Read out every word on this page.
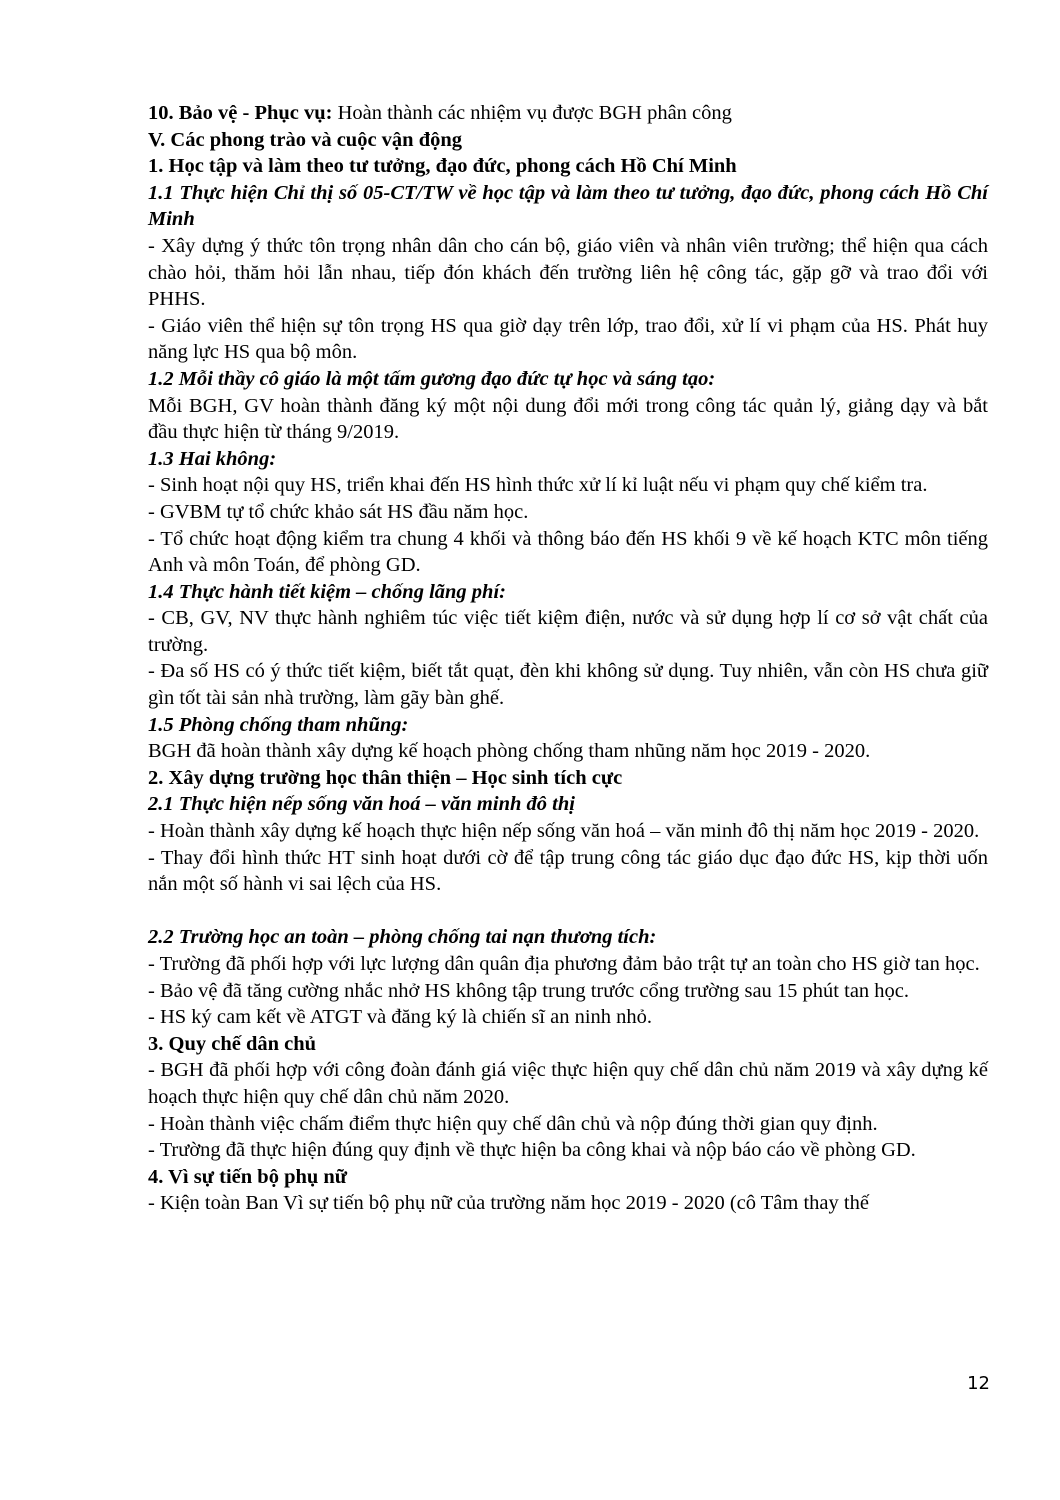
10. Bảo vệ - Phục vụ: Hoàn thành các nhiệm vụ được BGH phân công

V. Các phong trào và cuộc vận động

1. Học tập và làm theo tư tưởng, đạo đức, phong cách Hồ Chí Minh

1.1 Thực hiện Chỉ thị số 05-CT/TW về học tập và làm theo tư tưởng, đạo đức, phong cách Hồ Chí Minh

- Xây dựng ý thức tôn trọng nhân dân cho cán bộ, giáo viên và nhân viên trường; thể hiện qua cách chào hỏi, thăm hỏi lẫn nhau, tiếp đón khách đến trường liên hệ công tác, gặp gỡ và trao đổi với PHHS.

- Giáo viên thể hiện sự tôn trọng HS qua giờ dạy trên lớp, trao đổi, xử lí vi phạm của HS. Phát huy năng lực HS qua bộ môn.

1.2 Mỗi thầy cô giáo là một tấm gương đạo đức tự học và sáng tạo:

Mỗi BGH, GV hoàn thành đăng ký một nội dung đổi mới trong công tác quản lý, giảng dạy và bắt đầu thực hiện từ tháng 9/2019.

1.3 Hai không:

- Sinh hoạt nội quy HS, triển khai đến HS hình thức xử lí kỉ luật nếu vi phạm quy chế kiểm tra.

- GVBM tự tổ chức khảo sát HS đầu năm học.

- Tổ chức hoạt động kiểm tra chung 4 khối và thông báo đến HS khối 9 về kế hoạch KTC môn tiếng Anh và môn Toán, để phòng GD.

1.4 Thực hành tiết kiệm – chống lãng phí:

- CB, GV, NV thực hành nghiêm túc việc tiết kiệm điện, nước và sử dụng hợp lí cơ sở vật chất của trường.

- Đa số HS có ý thức tiết kiệm, biết tắt quạt, đèn khi không sử dụng. Tuy nhiên, vẫn còn HS chưa giữ gìn tốt tài sản nhà trường, làm gãy bàn ghế.

1.5 Phòng chống tham nhũng:

BGH đã hoàn thành xây dựng kế hoạch phòng chống tham nhũng năm học 2019 - 2020.

2. Xây dựng trường học thân thiện – Học sinh tích cực

2.1 Thực hiện nếp sống văn hoá – văn minh đô thị

- Hoàn thành xây dựng kế hoạch thực hiện nếp sống văn hoá – văn minh đô thị năm học 2019 - 2020.

- Thay đổi hình thức HT sinh hoạt dưới cờ để tập trung công tác giáo dục đạo đức HS, kịp thời uốn nắn một số hành vi sai lệch của HS.

2.2 Trường học an toàn – phòng chống tai nạn thương tích:

- Trường đã phối hợp với lực lượng dân quân địa phương đảm bảo trật tự an toàn cho HS giờ tan học.

- Bảo vệ đã tăng cường nhắc nhở HS không tập trung trước cổng trường sau 15 phút tan học.

- HS ký cam kết về ATGT và đăng ký là chiến sĩ an ninh nhỏ.

3. Quy chế dân chủ

- BGH đã phối hợp với công đoàn đánh giá việc thực hiện quy chế dân chủ năm 2019 và xây dựng kế hoạch thực hiện quy chế dân chủ năm 2020.

- Hoàn thành việc chấm điểm thực hiện quy chế dân chủ và nộp đúng thời gian quy định.

- Trường đã thực hiện đúng quy định về thực hiện ba công khai và nộp báo cáo về phòng GD.

4. Vì sự tiến bộ phụ nữ

- Kiện toàn Ban Vì sự tiến bộ phụ nữ của trường năm học 2019 - 2020 (cô Tâm thay thế

12
